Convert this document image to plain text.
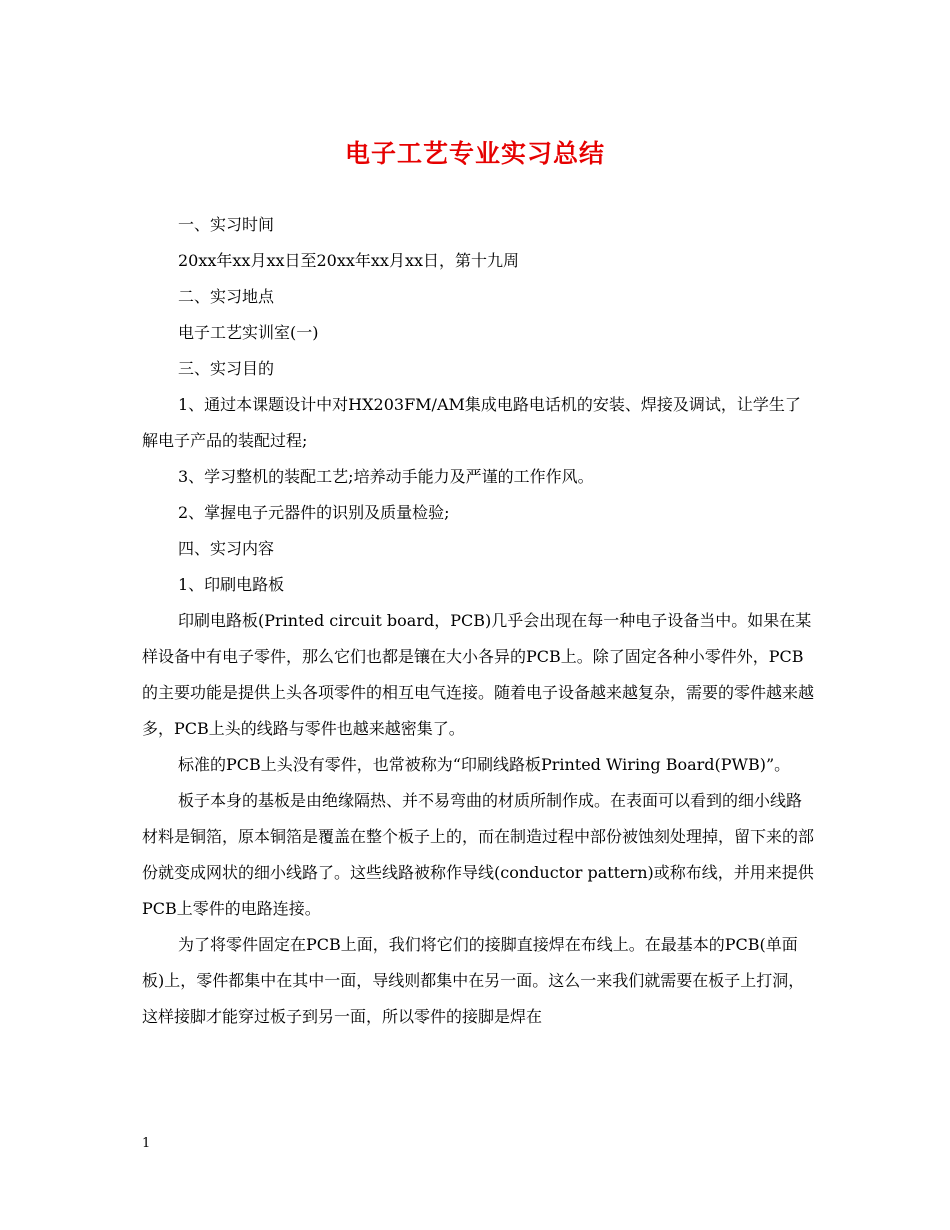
电子工艺专业实习总结

一、实习时间

20xx年xx月xx日至20xx年xx月xx日，第十九周

二、实习地点

电子工艺实训室(一)

三、实习目的

1、通过本课题设计中对HX203FM/AM集成电路电话机的安装、焊接及调试，让学生了解电子产品的装配过程;

3、学习整机的装配工艺;培养动手能力及严谨的工作作风。

2、掌握电子元器件的识别及质量检验;

四、实习内容

1、印刷电路板

印刷电路板(Printed circuit board，PCB)几乎会出现在每一种电子设备当中。如果在某样设备中有电子零件，那么它们也都是镶在大小各异的PCB上。除了固定各种小零件外，PCB的主要功能是提供上头各项零件的相互电气连接。随着电子设备越来越复杂，需要的零件越来越多，PCB上头的线路与零件也越来越密集了。

标准的PCB上头没有零件，也常被称为“印刷线路板Printed Wiring Board(PWB)”。

板子本身的基板是由绝缘隔热、并不易弯曲的材质所制作成。在表面可以看到的细小线路材料是铜箔，原本铜箔是覆盖在整个板子上的，而在制造过程中部份被蚀刻处理掉，留下来的部份就变成网状的细小线路了。这些线路被称作导线(conductor pattern)或称布线，并用来提供PCB上零件的电路连接。

为了将零件固定在PCB上面，我们将它们的接脚直接焊在布线上。在最基本的PCB(单面板)上，零件都集中在其中一面，导线则都集中在另一面。这么一来我们就需要在板子上打洞，这样接脚才能穿过板子到另一面，所以零件的接脚是焊在

1
